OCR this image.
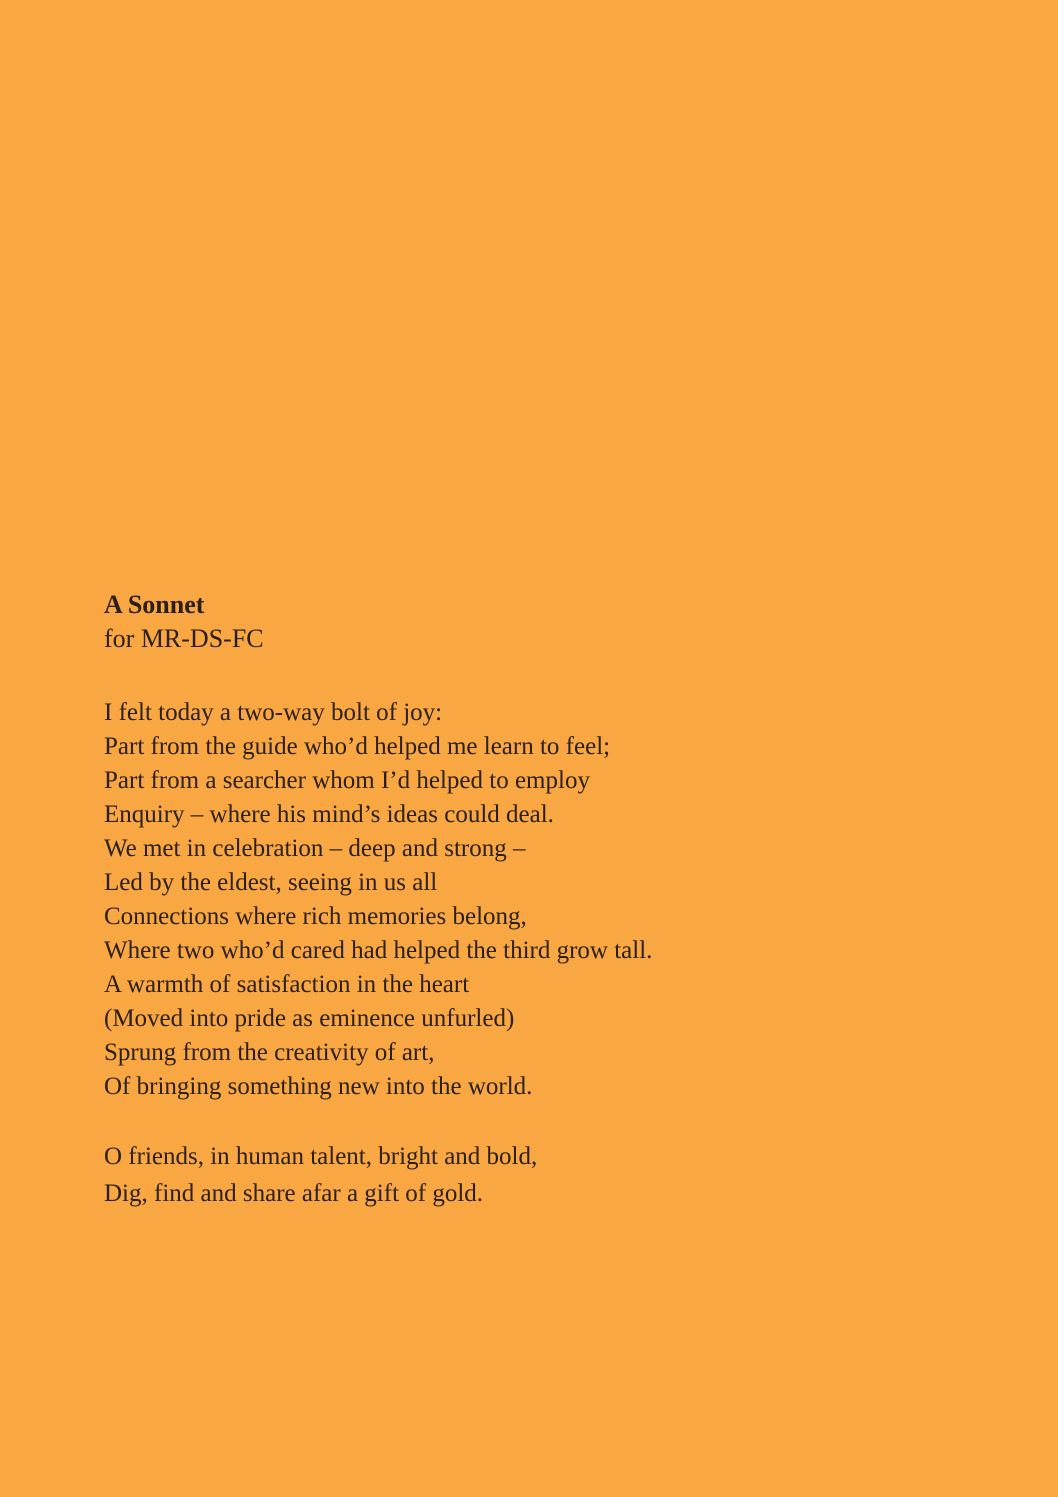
A Sonnet
for MR-DS-FC
I felt today a two-way bolt of joy:
Part from the guide who’d helped me learn to feel;
Part from a searcher whom I’d helped to employ
Enquiry – where his mind’s ideas could deal.
We met in celebration – deep and strong –
Led by the eldest, seeing in us all
Connections where rich memories belong,
Where two who’d cared had helped the third grow tall.
A warmth of satisfaction in the heart
(Moved into pride as eminence unfurled)
Sprung from the creativity of art,
Of bringing something new into the world.
O friends, in human talent, bright and bold,
Dig, find and share afar a gift of gold.
